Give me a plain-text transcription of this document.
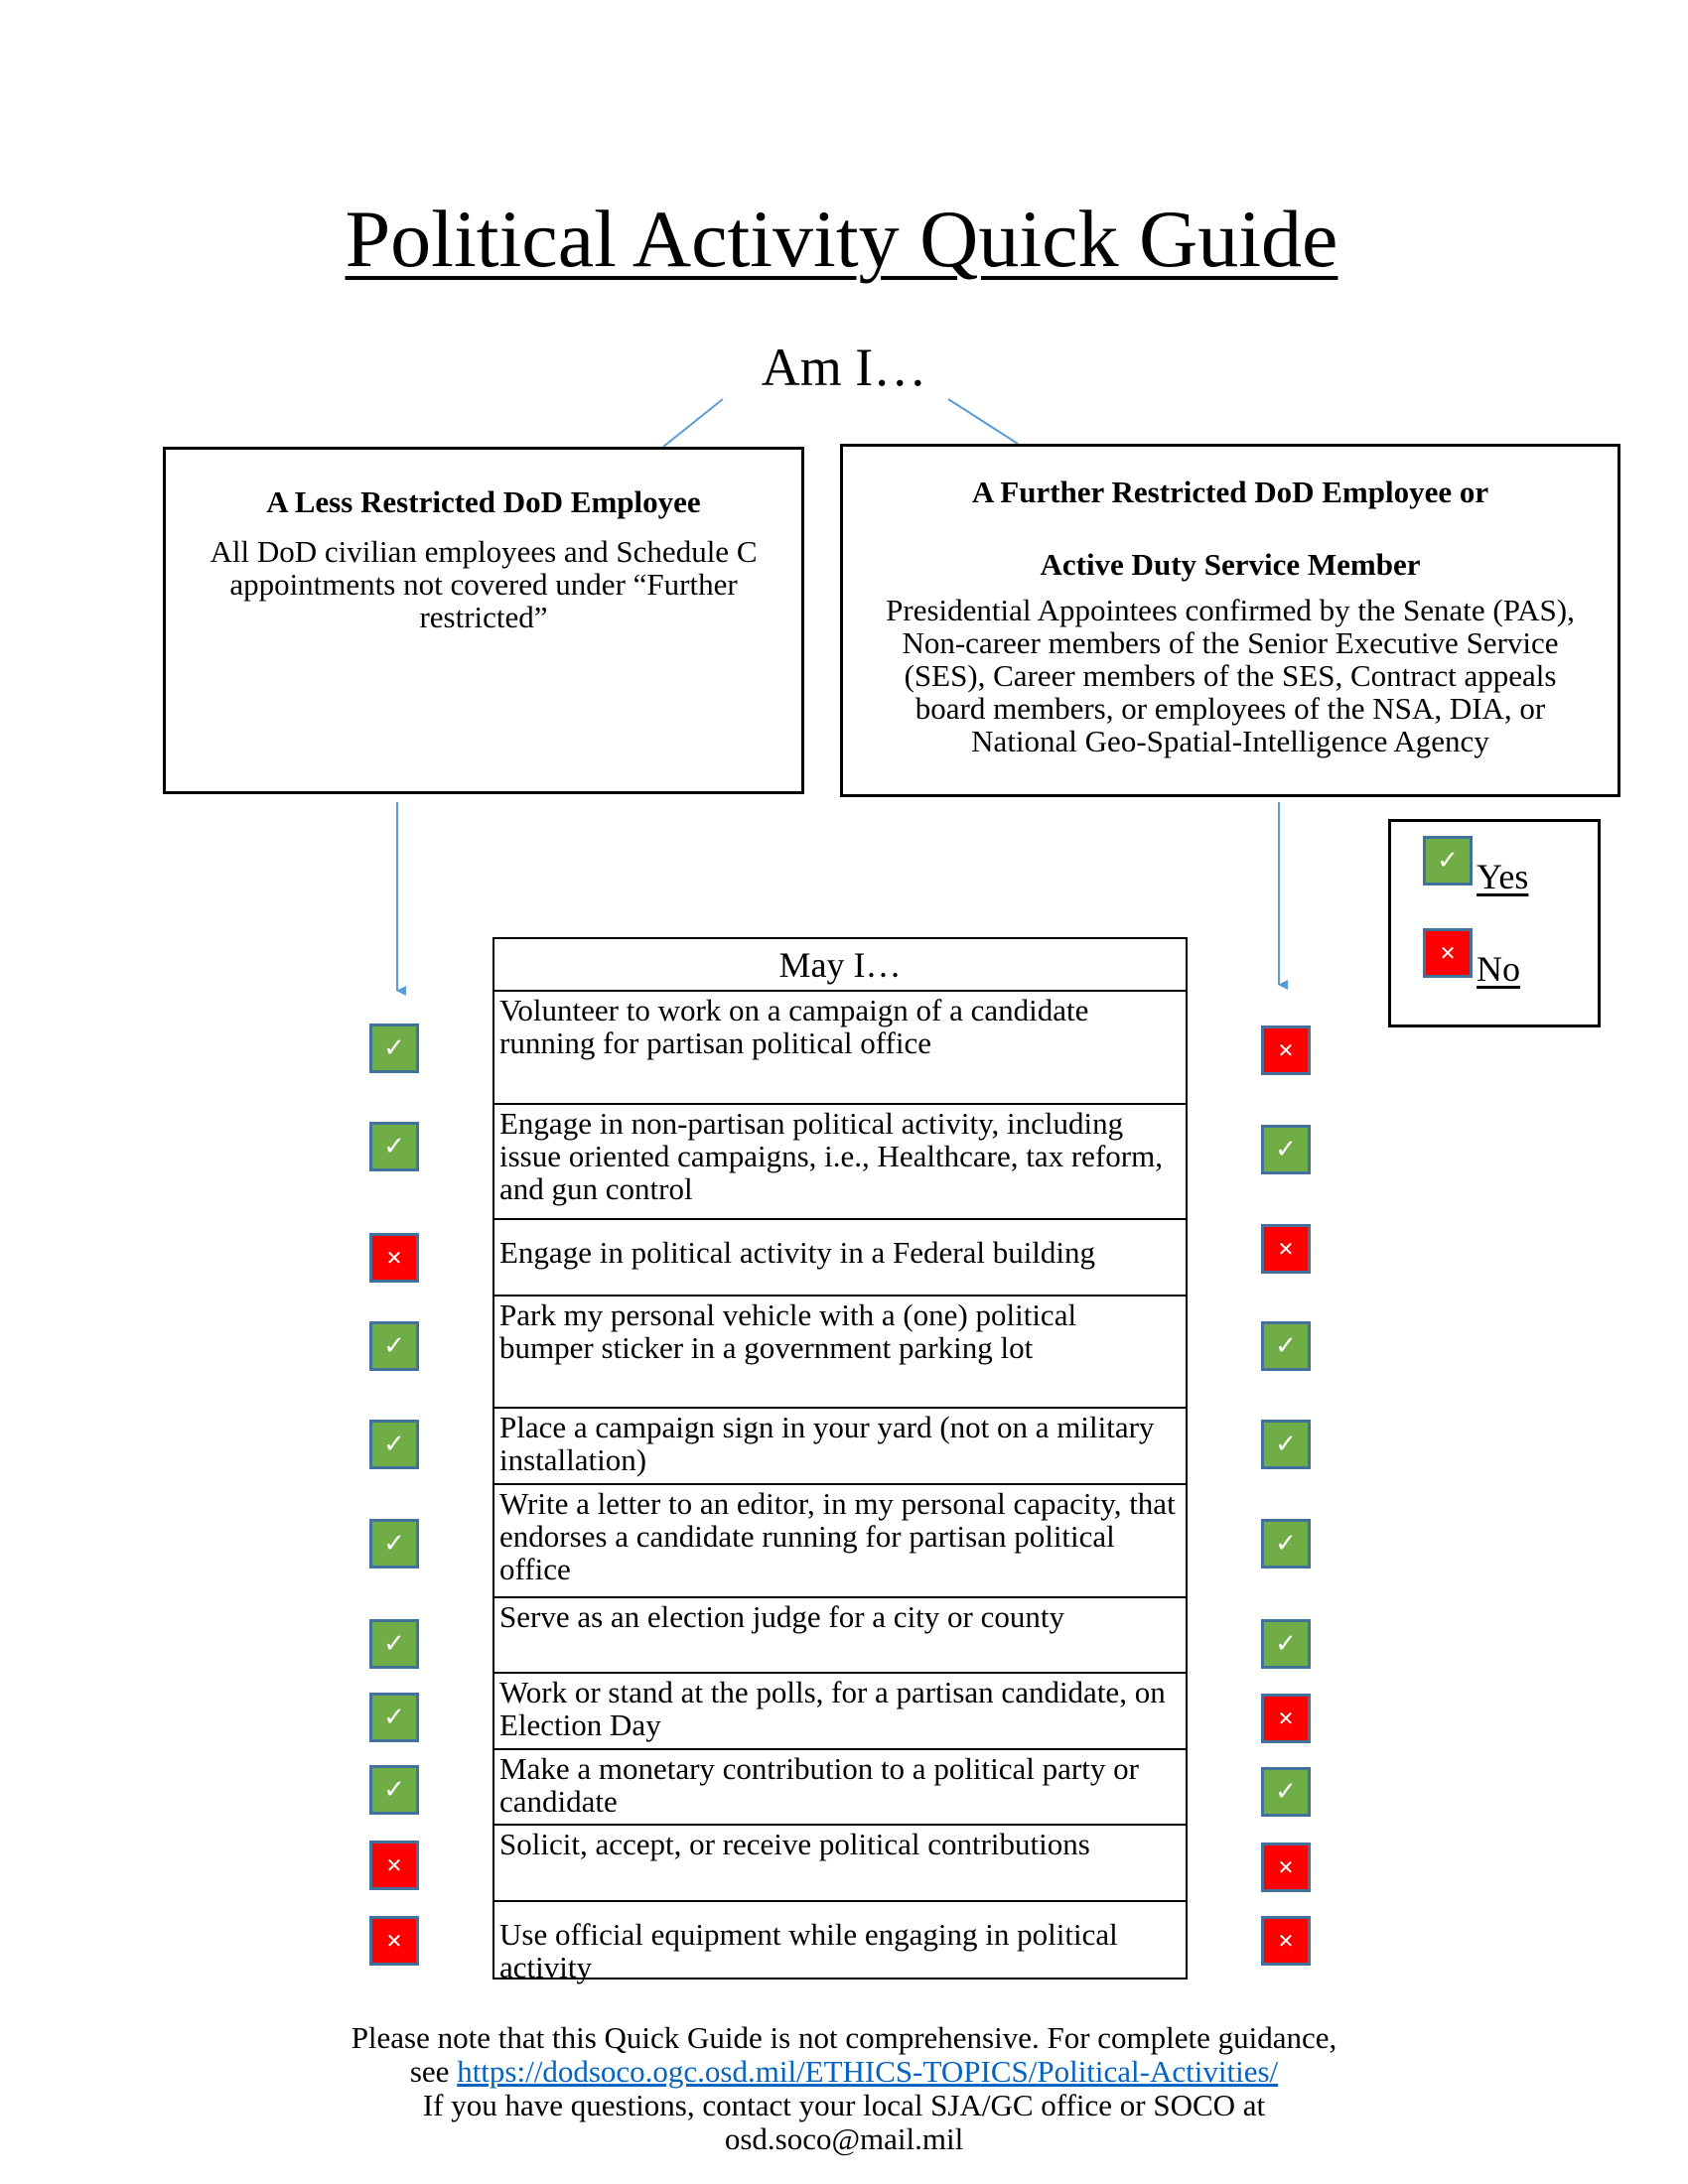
Political Activity Quick Guide
Am I…
A Less Restricted DoD Employee
All DoD civilian employees and Schedule C appointments not covered under “Further restricted”
A Further Restricted DoD Employee or
Active Duty Service Member
Presidential Appointees confirmed by the Senate (PAS), Non-career members of the Senior Executive Service (SES), Career members of the SES, Contract appeals board members, or employees of the NSA, DIA, or National Geo-Spatial-Intelligence Agency
✓ Yes
✕ No
May I…
Volunteer to work on a campaign of a candidate running for partisan political office
Engage in non-partisan political activity, including issue oriented campaigns, i.e., Healthcare, tax reform, and gun control
Engage in political activity in a Federal building
Park my personal vehicle with a (one) political bumper sticker in a government parking lot
Place a campaign sign in your yard (not on a military installation)
Write a letter to an editor, in my personal capacity, that endorses a candidate running for partisan political office
Serve as an election judge for a city or county
Work or stand at the polls, for a partisan candidate, on Election Day
Make a monetary contribution to a political party or candidate
Solicit, accept, or receive political contributions
Use official equipment while engaging in political activity
✓
✓
✕
✓
✓
✓
✓
✓
✓
✕
✕
✕
✓
✕
✓
✓
✓
✓
✕
✓
✕
✕
Please note that this Quick Guide is not comprehensive. For complete guidance,
see https://dodsoco.ogc.osd.mil/ETHICS-TOPICS/Political-Activities/
If you have questions, contact your local SJA/GC office or SOCO at
osd.soco@mail.mil
